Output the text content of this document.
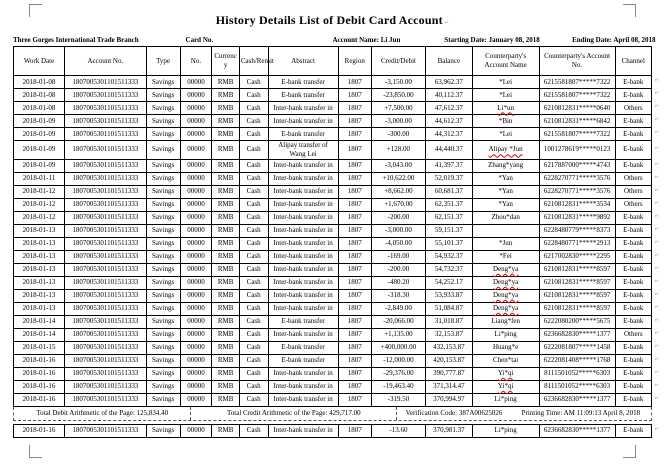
History Details List of Debit Card Account ↵
Three Gorges International Trade Branch	Card No.	Account Name: Li Jun	Starting Date: January 08, 2018	Ending Date: April 08, 2018
Work Date	Account No.	Type	No.	Currency	Cash/Remit	Abstract	Region	Credit/Debit	Balance	Counterparty's Account Name	Counterparty's Account No.	Channel
2018-01-08	1807005301101511333	Savings	00000	RMB	Cash	E-bank transfer	1807	-3,150.00	63,962.37	*Lei	6215581807*****7322	E-bank
2018-01-08	1807005301101511333	Savings	00000	RMB	Cash	E-bank transfer	1807	-23,850.00	40,112.37	*Lei	6215581807*****7322	E-bank
2018-01-08	1807005301101511333	Savings	00000	RMB	Cash	Inter-bank transfer in	1807	+7,500.00	47,612.37	Li*un	6210812831*****0640	Others
2018-01-09	1807005301101511333	Savings	00000	RMB	Cash	Inter-bank transfer in	1807	-3,000.00	44,612.37	*Bin	6210812831*****6842	E-bank
2018-01-09	1807005301101511333	Savings	00000	RMB	Cash	E-bank transfer	1807	-300.00	44,312.37	*Lei	6215581807*****7322	E-bank
2018-01-09	1807005301101511333	Savings	00000	RMB	Cash	Alipay transfer of Wang Lei	1807	+128.00	44,440.37	Alipay *Jun	1001278619*****0123	E-bank
2018-01-09	1807005301101511333	Savings	00000	RMB	Cash	Inter-bank transfer in	1807	-3,043.00	41,397.37	Zhang*yang	6217887000*****4743	E-bank
2018-01-11	1807005301101511333	Savings	00000	RMB	Cash	Inter-bank transfer in	1807	+10,622.00	52,019.37	*Yan	6228270771*****3576	Others
2018-01-12	1807005301101511333	Savings	00000	RMB	Cash	Inter-bank transfer in	1807	+8,662.00	60,681.37	*Yan	6228270771*****3576	Others
2018-01-12	1807005301101511333	Savings	00000	RMB	Cash	Inter-bank transfer in	1807	+1,670.00	62,351.37	*Yan	6210812831*****3534	Others
2018-01-12	1807005301101511333	Savings	00000	RMB	Cash	Inter-bank transfer in	1807	-200.00	62,151.37	Zhou*dan	6210812831*****9892	E-bank
2018-01-13	1807005301101511333	Savings	00000	RMB	Cash	Inter-bank transfer in	1807	-3,000.00	59,151.37		6228480779*****8373	E-bank
2018-01-13	1807005301101511333	Savings	00000	RMB	Cash	Inter-bank transfer in	1807	-4,050.00	55,101.37	*Jun	6228480771*****2913	E-bank
2018-01-13	1807005301101511333	Savings	00000	RMB	Cash	Inter-bank transfer in	1807	-169.00	54,932.37	*Fei	6217002830*****2295	E-bank
2018-01-13	1807005301101511333	Savings	00000	RMB	Cash	Inter-bank transfer in	1807	-200.00	54,732.37	Deng*ya	6210812831*****8597	E-bank
2018-01-13	1807005301101511333	Savings	00000	RMB	Cash	Inter-bank transfer in	1807	-480.20	54,252.17	Deng*ya	6210812831*****8597	E-bank
2018-01-13	1807005301101511333	Savings	00000	RMB	Cash	Inter-bank transfer in	1807	-318.30	53,933.87	Deng*ya	6210812831*****8597	E-bank
2018-01-13	1807005301101511333	Savings	00000	RMB	Cash	Inter-bank transfer in	1807	-2,849.00	51,084.87	Deng*ya	6210812831*****8597	E-bank
2018-01-14	1807005301101511333	Savings	00000	RMB	Cash	E-bank transfer	1807	-20,066.00	31,018.87	Liang*fen	6222080200*****5675	E-bank
2018-01-14	1807005301101511333	Savings	00000	RMB	Cash	Inter-bank transfer in	1807	+1,135.00	32,153.87	Li*ping	6236682830*****1377	Others
2018-01-15	1807005301101511333	Savings	00000	RMB	Cash	E-bank transfer	1807	+400,000.00	432,153.87	Huang*e	6222081807*****1458	E-bank
2018-01-16	1807005301101511333	Savings	00000	RMB	Cash	E-bank transfer	1807	-12,000.00	420,153.87	Chen*tai	6222081408*****1768	E-bank
2018-01-16	1807005301101511333	Savings	00000	RMB	Cash	Inter-bank transfer in	1807	-29,376.00	390,777.87	Yi*qi	8111501052*****6303	E-bank
2018-01-16	1807005301101511333	Savings	00000	RMB	Cash	Inter-bank transfer in	1807	-19,463.40	371,314.47	Yi*qi	8111501052*****6303	E-bank
2018-01-16	1807005301101511333	Savings	00000	RMB	Cash	Inter-bank transfer in	1807	-319.50	370,994.97	Li*ping	6236682830*****1377	E-bank
Total Debit Arithmetic of the Page: 125,834.40	Total Credit Arithmetic of the Page: 429,717.00	Verification Code: 387A00625026	Printing Time: AM 11:09:13 April 8, 2018
2018-01-16	1807005301101511333	Savings	00000	RMB	Cash	Inter-bank transfer in	1807	-13.60	370,981.37	Li*ping	6236682830*****1377	E-bank
